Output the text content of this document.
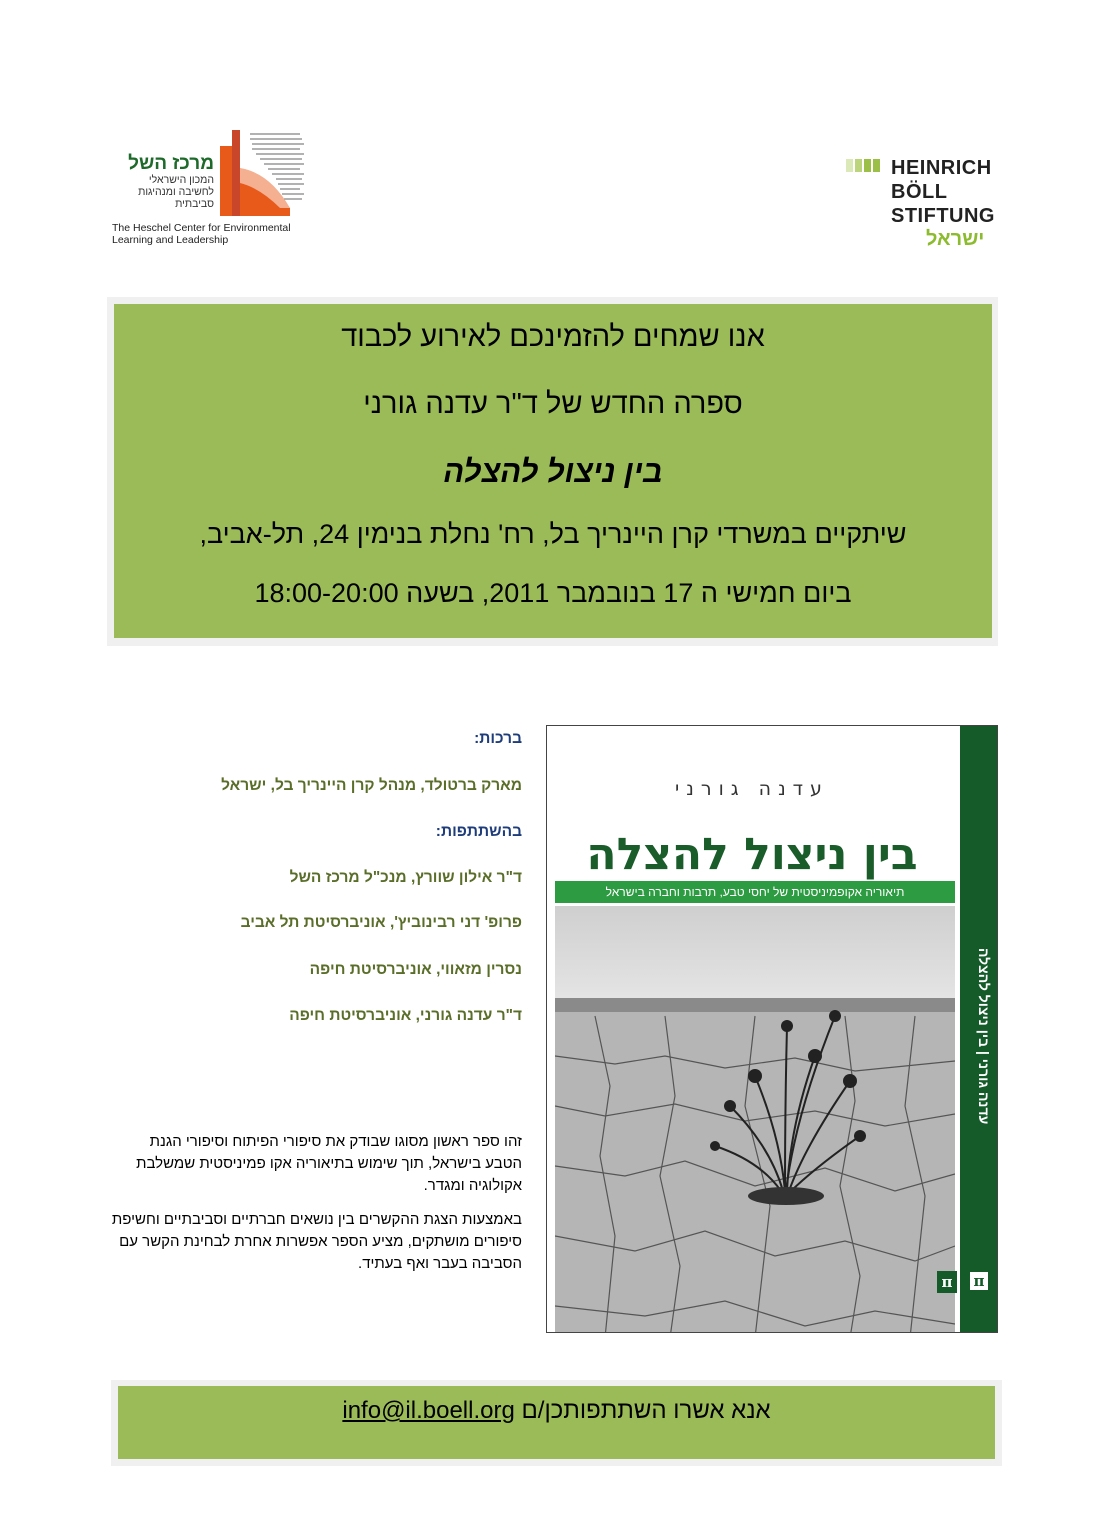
מרכז השל
המכון הישראלי
לחשיבה ומנהיגות
סביבתית
The Heschel Center for Environmental
Learning and Leadership
HEINRICH
BÖLL
STIFTUNG
ישראל
אנו שמחים להזמינכם לאירוע לכבוד
ספרה החדש של ד"ר עדנה גורני
בין ניצול להצלה
שיתקיים במשרדי קרן היינריך בל, רח' נחלת בנימין 24, תל-אביב,
ביום חמישי ה 17 בנובמבר 2011, בשעה 18:00-20:00
ברכות:
מארק ברטולד, מנהל קרן היינריך בל, ישראל
בהשתתפות:
ד"ר אילון שוורץ, מנכ"ל מרכז השל
פרופ' דני רבינוביץ', אוניברסיטת תל אביב
נסרין מזאווי, אוניברסיטת חיפה
ד"ר עדנה גורני, אוניברסיטת חיפה

זהו ספר ראשון מסוגו שבודק את סיפורי הפיתוח וסיפורי הגנת הטבע בישראל, תוך שימוש בתיאוריה אקו פמיניסטית שמשלבת אקולוגיה ומגדר.

באמצעות הצגת ההקשרים בין נושאים חברתיים וסביבתיים וחשיפת סיפורים מושתקים, מציע הספר אפשרות אחרת לבחינת הקשר עם הסביבה בעבר ואף בעתיד.

עדנה גורני
בין ניצול להצלה
תיאוריה אקופמיניסטית של יחסי טבע, תרבות וחברה בישראל
π
עדנה גורני | בין ניצול להצלה
π
אנא אשרו השתתפותכן/ם info@il.boell.org
